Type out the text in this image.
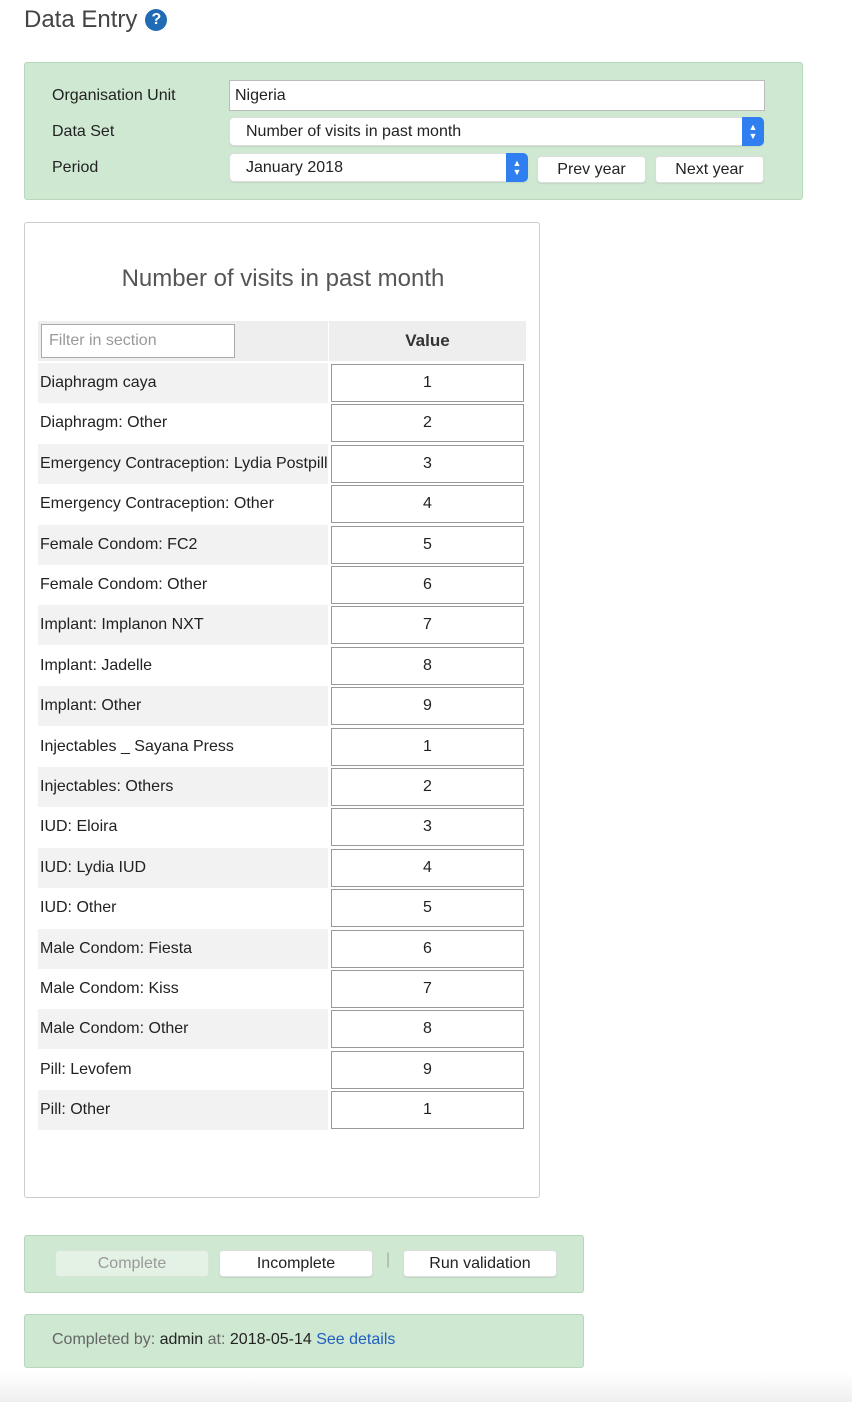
Data Entry ?
Organisation Unit	Nigeria
Data Set	Number of visits in past month	▲
▼
Period	January 2018	▲
▼	Prev year	Next year
Number of visits in past month
Filter in section	Value
Diaphragm caya	1
Diaphragm: Other	2
Emergency Contraception: Lydia Postpill	3
Emergency Contraception: Other	4
Female Condom: FC2	5
Female Condom: Other	6
Implant: Implanon NXT	7
Implant: Jadelle	8
Implant: Other	9
Injectables _ Sayana Press	1
Injectables: Others	2
IUD: Eloira	3
IUD: Lydia IUD	4
IUD: Other	5
Male Condom: Fiesta	6
Male Condom: Kiss	7
Male Condom: Other	8
Pill: Levofem	9
Pill: Other	1
Complete	Incomplete	|	Run validation
Completed by: admin at: 2018-05-14 See details
